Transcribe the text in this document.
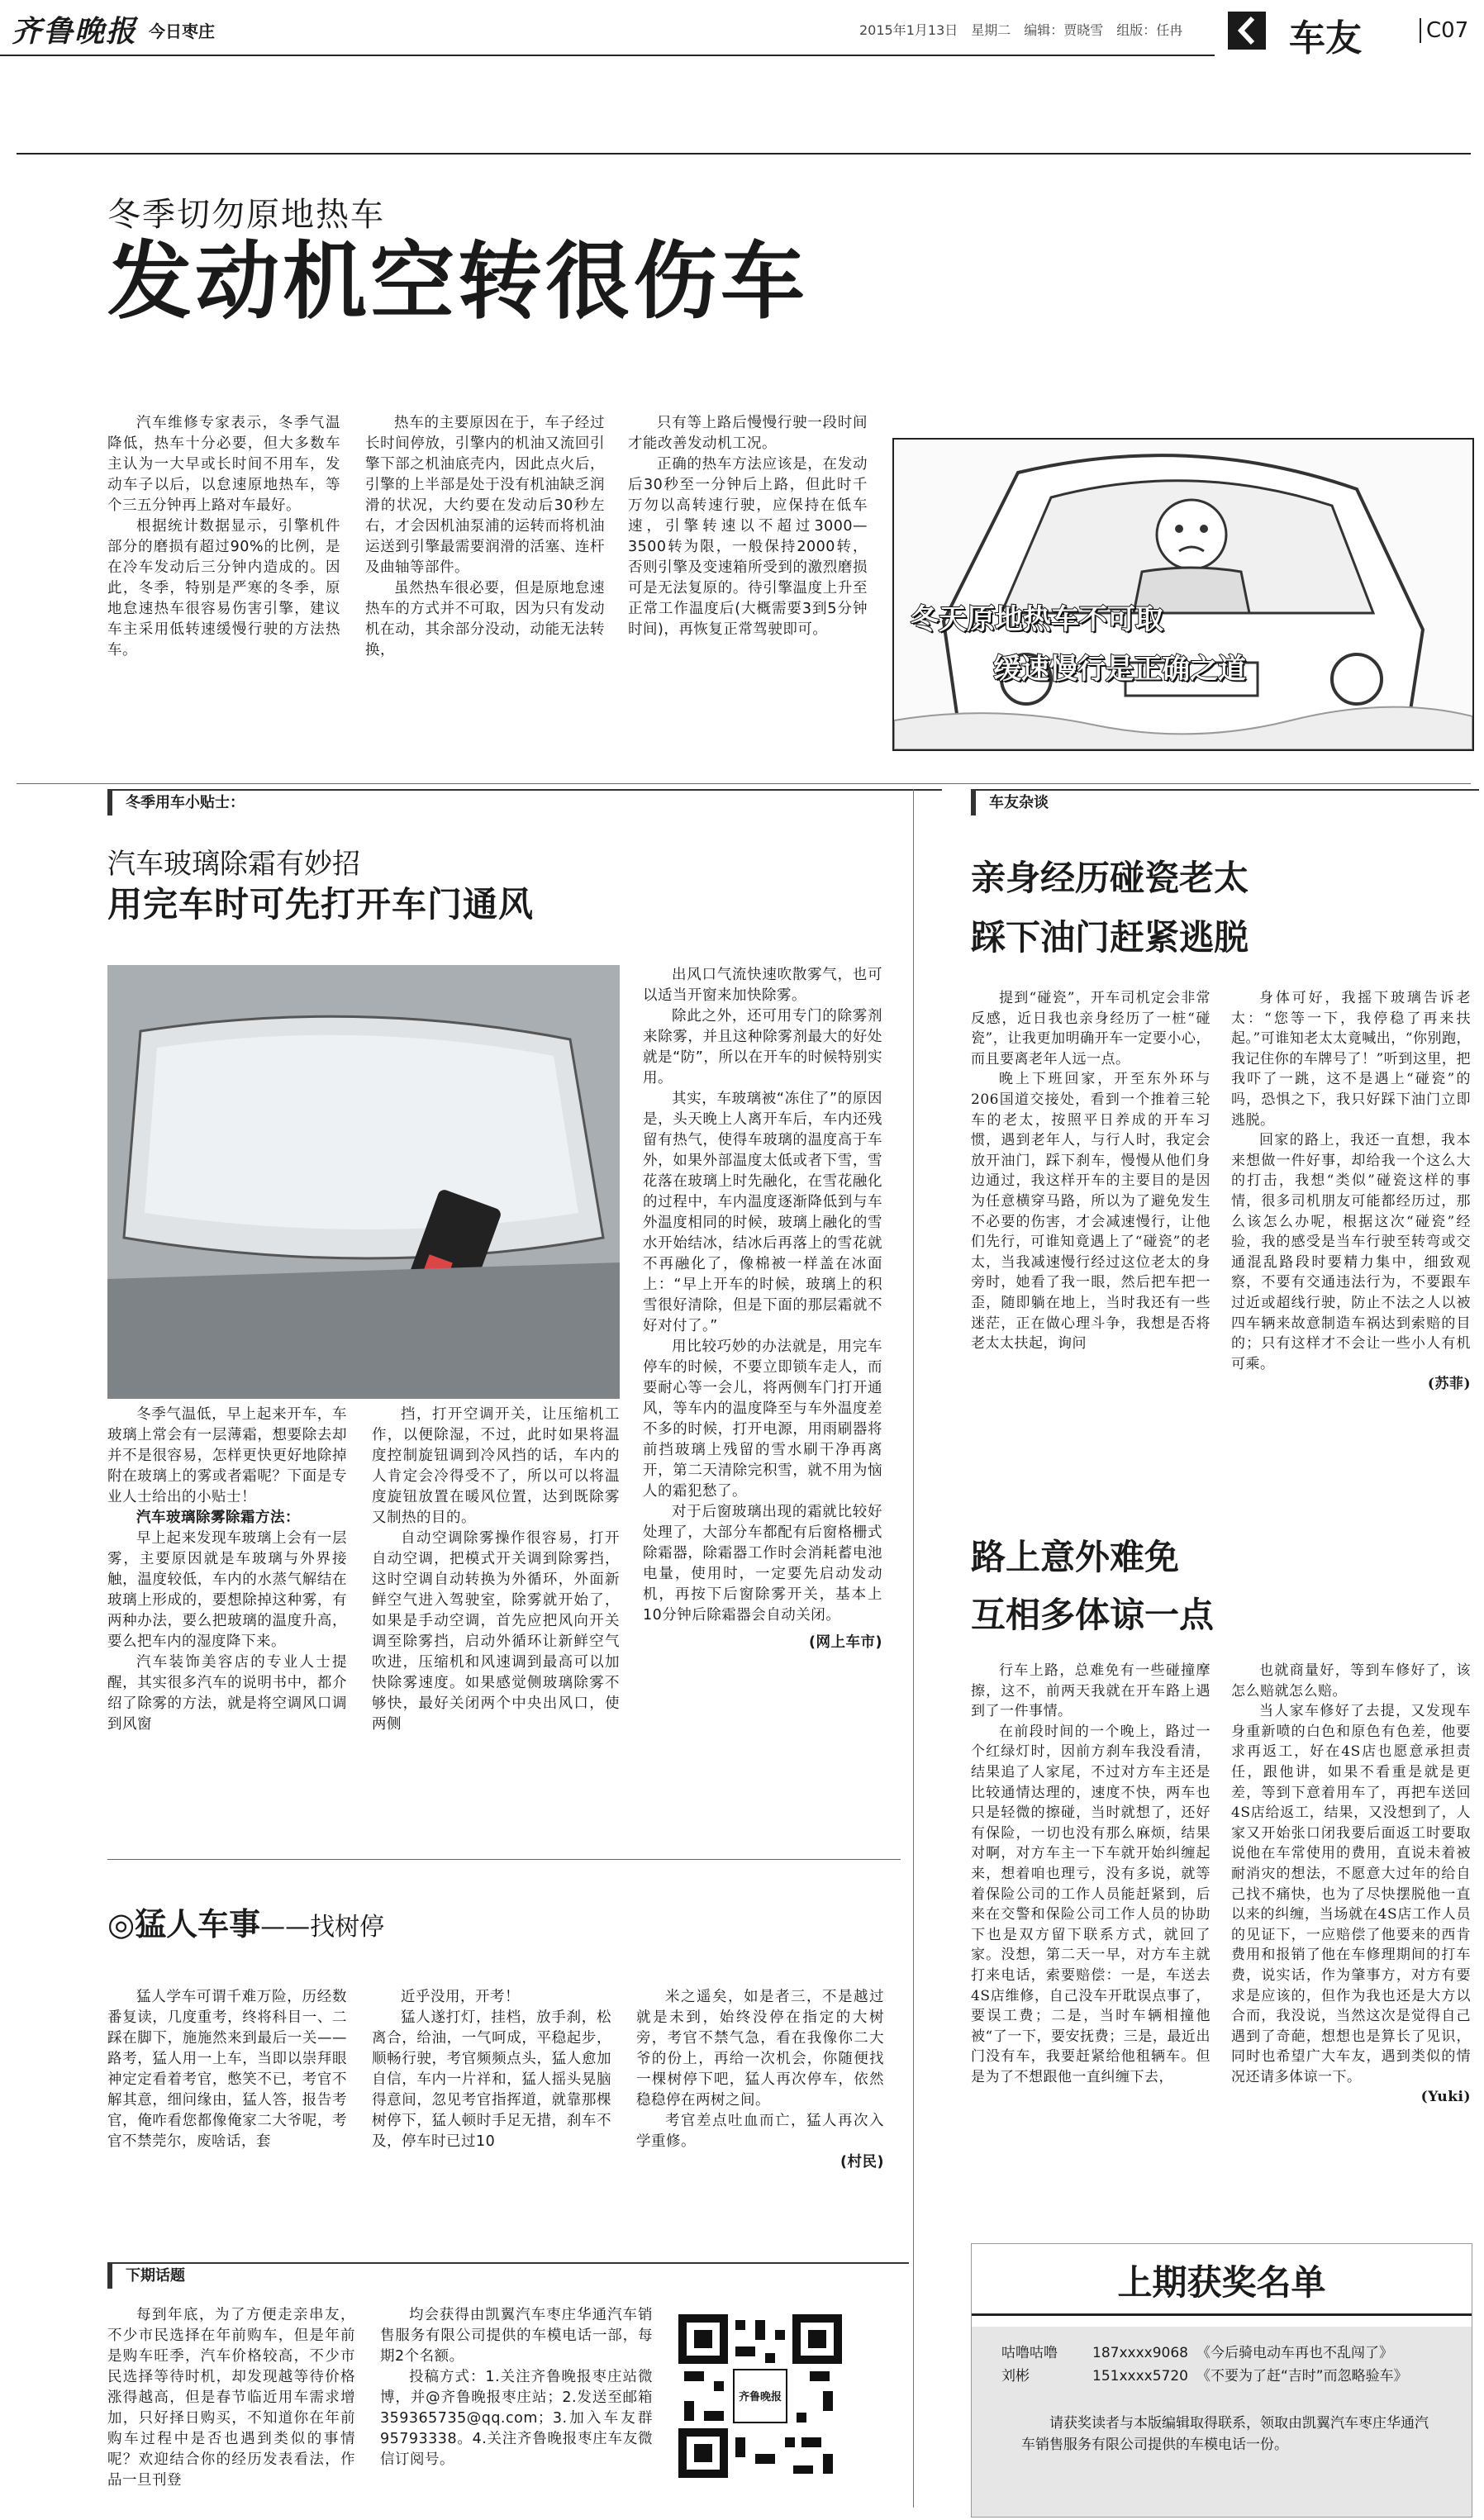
齐鲁晚报 今日枣庄	2015年1月13日　星期二　编辑：贾晓雪　组版：任冉	车友	C07
冬季切勿原地热车
发动机空转很伤车

汽车维修专家表示，冬季气温降低，热车十分必要，但大多数车主认为一大早或长时间不用车，发动车子以后，以怠速原地热车，等个三五分钟再上路对车最好。

根据统计数据显示，引擎机件部分的磨损有超过90%的比例，是在冷车发动后三分钟内造成的。因此，冬季，特别是严寒的冬季，原地怠速热车很容易伤害引擎，建议车主采用低转速缓慢行驶的方法热车。

热车的主要原因在于，车子经过长时间停放，引擎内的机油又流回引擎下部之机油底壳内，因此点火后，引擎的上半部是处于没有机油缺乏润滑的状况，大约要在发动后30秒左右，才会因机油泵浦的运转而将机油运送到引擎最需要润滑的活塞、连杆及曲轴等部件。

虽然热车很必要，但是原地怠速热车的方式并不可取，因为只有发动机在动，其余部分没动，动能无法转换，

只有等上路后慢慢行驶一段时间才能改善发动机工况。

正确的热车方法应该是，在发动后30秒至一分钟后上路，但此时千万勿以高转速行驶，应保持在低车速，引擎转速以不超过3000—3500转为限，一般保持2000转，否则引擎及变速箱所受到的激烈磨损可是无法复原的。待引擎温度上升至正常工作温度后(大概需要3到5分钟时间)，再恢复正常驾驶即可。	冬天原地热车不可取
缓速慢行是正确之道
冬季用车小贴士：
汽车玻璃除霜有妙招
用完车时可先打开车门通风

出风口气流快速吹散雾气，也可以适当开窗来加快除雾。

除此之外，还可用专门的除雾剂来除雾，并且这种除雾剂最大的好处就是“防”，所以在开车的时候特别实用。

其实，车玻璃被“冻住了”的原因是，头天晚上人离开车后，车内还残留有热气，使得车玻璃的温度高于车外，如果外部温度太低或者下雪，雪花落在玻璃上时先融化，在雪花融化的过程中，车内温度逐渐降低到与车外温度相同的时候，玻璃上融化的雪水开始结冰，结冰后再落上的雪花就不再融化了，像棉被一样盖在冰面上：“早上开车的时候，玻璃上的积雪很好清除，但是下面的那层霜就不好对付了。”

用比较巧妙的办法就是，用完车停车的时候，不要立即锁车走人，而要耐心等一会儿，将两侧车门打开通风，等车内的温度降至与车外温度差不多的时候，打开电源，用雨刷器将前挡玻璃上残留的雪水刷干净再离开，第二天清除完积雪，就不用为恼人的霜犯愁了。

对于后窗玻璃出现的霜就比较好处理了，大部分车都配有后窗格栅式除霜器，除霜器工作时会消耗蓄电池电量，使用时，一定要先启动发动机，再按下后窗除雾开关，基本上10分钟后除霜器会自动关闭。

(网上车市)

冬季气温低，早上起来开车，车玻璃上常会有一层薄霜，想要除去却并不是很容易，怎样更快更好地除掉附在玻璃上的雾或者霜呢？下面是专业人士给出的小贴士！

汽车玻璃除雾除霜方法：

早上起来发现车玻璃上会有一层雾，主要原因就是车玻璃与外界接触，温度较低，车内的水蒸气解结在玻璃上形成的，要想除掉这种雾，有两种办法，要么把玻璃的温度升高，要么把车内的湿度降下来。

汽车装饰美容店的专业人士提醒，其实很多汽车的说明书中，都介绍了除雾的方法，就是将空调风口调到风窗

挡，打开空调开关，让压缩机工作，以便除湿，不过，此时如果将温度控制旋钮调到冷风挡的话，车内的人肯定会冷得受不了，所以可以将温度旋钮放置在暖风位置，达到既除雾又制热的目的。

自动空调除雾操作很容易，打开自动空调，把模式开关调到除雾挡，这时空调自动转换为外循环，外面新鲜空气进入驾驶室，除雾就开始了，如果是手动空调，首先应把风向开关调至除雾挡，启动外循环让新鲜空气吹进，压缩机和风速调到最高可以加快除雾速度。如果感觉侧玻璃除雾不够快，最好关闭两个中央出风口，使两侧

◎猛人车事——找树停

猛人学车可谓千难万险，历经数番复读，几度重考，终将科目一、二踩在脚下，施施然来到最后一关——路考，猛人用一上车，当即以崇拜眼神定定看着考官，憋笑不已，考官不解其意，细问缘由，猛人答，报告考官，俺咋看您都像俺家二大爷呢，考官不禁莞尔，废啥话，套

近乎没用，开考！

猛人遂打灯，挂档，放手刹，松离合，给油，一气呵成，平稳起步，顺畅行驶，考官频频点头，猛人愈加自信，车内一片祥和，猛人摇头晃脑得意间，忽见考官指挥道，就靠那棵树停下，猛人顿时手足无措，刹车不及，停车时已过10

米之遥矣，如是者三，不是越过就是未到，始终没停在指定的大树旁，考官不禁气急，看在我像你二大爷的份上，再给一次机会，你随便找一棵树停下吧，猛人再次停车，依然稳稳停在两树之间。

考官差点吐血而亡，猛人再次入学重修。

(村民)
下期话题

每到年底，为了方便走亲串友，不少市民选择在年前购车，但是年前是购车旺季，汽车价格较高，不少市民选择等待时机，却发现越等待价格涨得越高，但是春节临近用车需求增加，只好择日购买，不知道你在年前购车过程中是否也遇到类似的事情呢？欢迎结合你的经历发表看法，作品一旦刊登

均会获得由凯翼汽车枣庄华通汽车销售服务有限公司提供的车模电话一部，每期2个名额。

投稿方式：1.关注齐鲁晚报枣庄站微博，并@齐鲁晚报枣庄站；2.发送至邮箱359365735@qq.com；3.加入车友群95793338。4.关注齐鲁晚报枣庄车友微信订阅号。

齐鲁晚报
车友杂谈
亲身经历碰瓷老太
踩下油门赶紧逃脱

提到“碰瓷”，开车司机定会非常反感，近日我也亲身经历了一桩“碰瓷”，让我更加明确开车一定要小心，而且要离老年人远一点。

晚上下班回家，开至东外环与206国道交接处，看到一个推着三轮车的老太，按照平日养成的开车习惯，遇到老年人，与行人时，我定会放开油门，踩下刹车，慢慢从他们身边通过，我这样开车的主要目的是因为任意横穿马路，所以为了避免发生不必要的伤害，才会减速慢行，让他们先行，可谁知竟遇上了“碰瓷”的老太，当我减速慢行经过这位老太的身旁时，她看了我一眼，然后把车把一歪，随即躺在地上，当时我还有一些迷茫，正在做心理斗争，我想是否将老太太扶起，询问

身体可好，我摇下玻璃告诉老太：“您等一下，我停稳了再来扶起。”可谁知老太太竟喊出，“你别跑，我记住你的车牌号了！”听到这里，把我吓了一跳，这不是遇上“碰瓷”的吗，恐惧之下，我只好踩下油门立即逃脱。

回家的路上，我还一直想，我本来想做一件好事，却给我一个这么大的打击，我想“类似”碰瓷这样的事情，很多司机朋友可能都经历过，那么该怎么办呢，根据这次“碰瓷”经验，我的感受是当车行驶至转弯或交通混乱路段时要精力集中，细致观察，不要有交通违法行为，不要跟车过近或超线行驶，防止不法之人以被四车辆来故意制造车祸达到索赔的目的；只有这样才不会让一些小人有机可乘。

(苏菲)
路上意外难免
互相多体谅一点

行车上路，总难免有一些碰撞摩擦，这不，前两天我就在开车路上遇到了一件事情。

在前段时间的一个晚上，路过一个红绿灯时，因前方刹车我没看清，结果追了人家尾，不过对方车主还是比较通情达理的，速度不快，两车也只是轻微的擦碰，当时就想了，还好有保险，一切也没有那么麻烦，结果对啊，对方车主一下车就开始纠缠起来，想着咱也理亏，没有多说，就等着保险公司的工作人员能赶紧到，后来在交警和保险公司工作人员的协助下也是双方留下联系方式，就回了家。没想，第二天一早，对方车主就打来电话，索要赔偿：一是，车送去4S店维修，自己没车开耽误点事了，要误工费；二是，当时车辆相撞他被“了一下，要安抚费；三是，最近出门没有车，我要赶紧给他租辆车。但是为了不想跟他一直纠缠下去，

也就商量好，等到车修好了，该怎么赔就怎么赔。

当人家车修好了去提，又发现车身重新喷的白色和原色有色差，他要求再返工，好在4S店也愿意承担责任，跟他讲，如果不看重是就是更差，等到下意着用车了，再把车送回4S店给返工，结果，又没想到了，人家又开始张口闭我要后面返工时要取说他在车常使用的费用，直说未着被耐消灾的想法，不愿意大过年的给自己找不痛快，也为了尽快摆脱他一直以来的纠缠，当场就在4S店工作人员的见证下，一应赔偿了他要来的西肯费用和报销了他在车修理期间的打车费，说实话，作为肇事方，对方有要求是应该的，但作为我也还是大方以合而，我没说，当然这次是觉得自己遇到了奇葩，想想也是算长了见识，同时也希望广大车友，遇到类似的情况还请多体谅一下。

(Yuki)
上期获奖名单
咕噜咕噜 187xxxx9068 《今后骑电动车再也不乱闯了》
刘彬	151xxxx5720 《不要为了赶“吉时”而忽略验车》
请获奖读者与本版编辑取得联系，领取由凯翼汽车枣庄华通汽车销售服务有限公司提供的车模电话一份。
